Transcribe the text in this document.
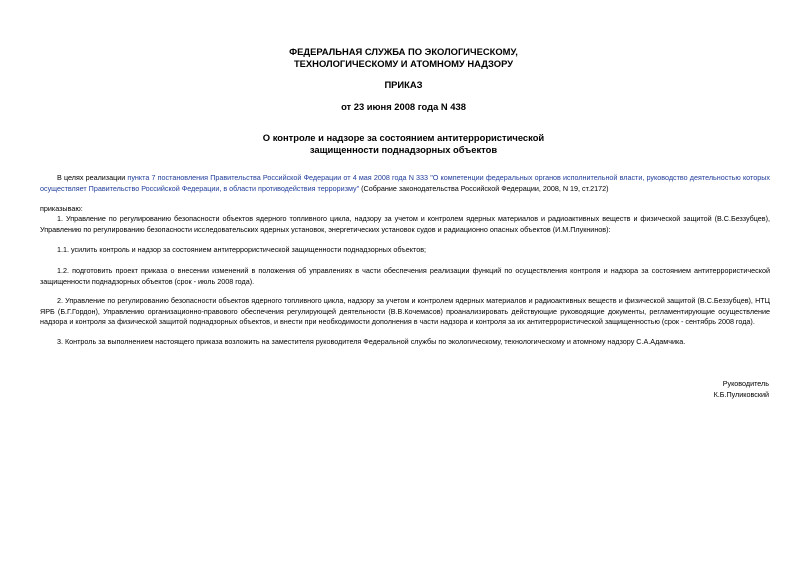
ФЕДЕРАЛЬНАЯ СЛУЖБА ПО ЭКОЛОГИЧЕСКОМУ,
ТЕХНОЛОГИЧЕСКОМУ И АТОМНОМУ НАДЗОРУ
ПРИКАЗ
от 23 июня 2008 года N 438
О контроле и надзоре за состоянием антитеррористической
защищенности поднадзорных объектов
В целях реализации пункта 7 постановления Правительства Российской Федерации от 4 мая 2008 года N 333 "О компетенции федеральных органов исполнительной власти, руководство деятельностью которых осуществляет Правительство Российской Федерации, в области противодействия терроризму" (Собрание законодательства Российской Федерации, 2008, N 19, ст.2172)
приказываю:
1. Управление по регулированию безопасности объектов ядерного топливного цикла, надзору за учетом и контролем ядерных материалов и радиоактивных веществ и физической защитой (В.С.Беззубцев), Управлению по регулированию безопасности исследовательских ядерных установок, энергетических установок судов и радиационно опасных объектов (И.М.Плукнинов):
1.1. усилить контроль и надзор за состоянием антитеррористической защищенности поднадзорных объектов;
1.2. подготовить проект приказа о внесении изменений в положения об управлениях в части обеспечения реализации функций по осуществления контроля и надзора за состоянием антитеррористической защищенности поднадзорных объектов (срок - июль 2008 года).
2. Управление по регулированию безопасности объектов ядерного топливного цикла, надзору за учетом и контролем ядерных материалов и радиоактивных веществ и физической защитой (В.С.Беззубцев), НТЦ ЯРБ (Б.Г.Гордон), Управлению организационно-правового обеспечения регулирующей деятельности (В.В.Кочемасов) проанализировать действующие руководящие документы, регламентирующие осуществление надзора и контроля за физической защитой поднадзорных объектов, и внести при необходимости дополнения в части надзора и контроля за их антитеррористической защищенностью (срок - сентябрь 2008 года).
3. Контроль за выполнением настоящего приказа возложить на заместителя руководителя Федеральной службы по экологическому, технологическому и атомному надзору С.А.Адамчика.
Руководитель
К.Б.Пуликовский
